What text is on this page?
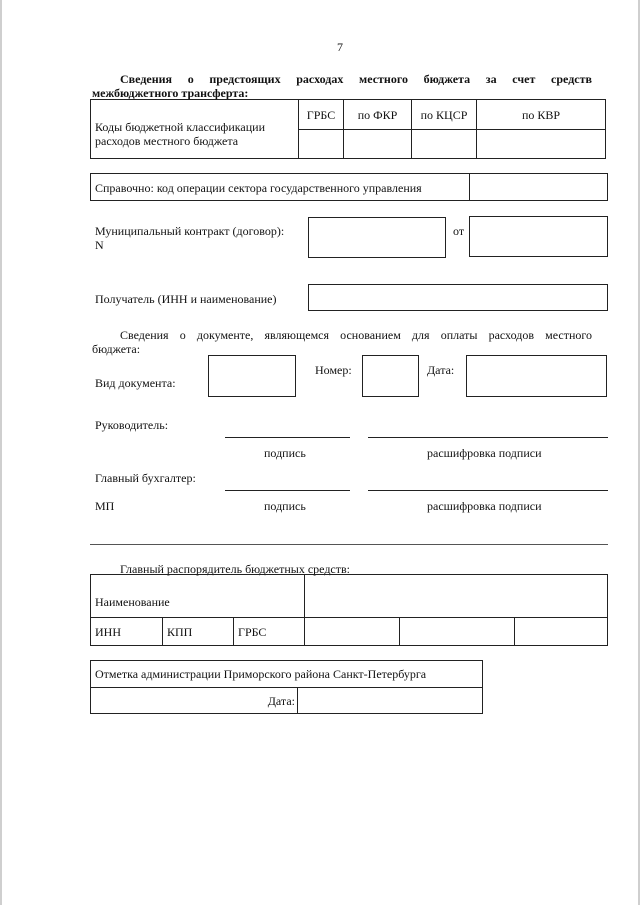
7
Сведения о предстоящих расходах местного бюджета за счет средств
межбюджетного трансферта:
Коды бюджетной классификации
расходов местного бюджета	ГРБС	по ФКР	по КЦСР	по КВР

Справочно: код операции сектора государственного управления
Муниципальный контракт (договор):
N
от
Получатель (ИНН и наименование)
Сведения о документе, являющемся основанием для оплаты расходов местного
бюджета:
Вид документа:
Номер:	Дата:
Руководитель:
подпись	расшифровка подписи
Главный бухгалтер:
МП	подпись	расшифровка подписи
Главный распорядитель бюджетных средств:
Наименование					
ИНН	КПП	ГРБС			
Отметка администрации Приморского района Санкт-Петербурга
Дата:	
